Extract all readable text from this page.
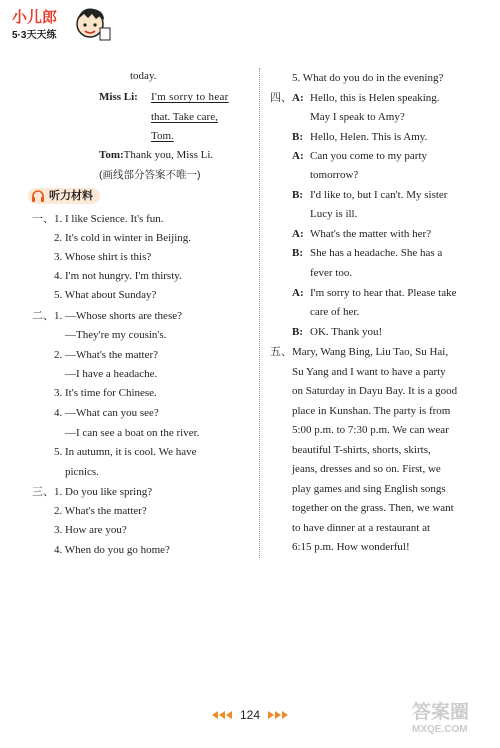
小儿郎
5·3天天练
today.
Miss Li: I'm sorry to hear
that. Take care,
Tom.
Tom:Thank you, Miss Li.
(画线部分答案不唯一)
听力材料
一、 1. I like Science. It's fun.
2. It's cold in winter in Beijing.
3. Whose shirt is this?
4. I'm not hungry. I'm thirsty.
5. What about Sunday?
二、 1. —Whose shorts are these?
—They're my cousin's.
2. —What's the matter?
—I have a headache.
3. It's time for Chinese.
4. —What can you see?
—I can see a boat on the river.
5. In autumn, it is cool. We have
picnics.
三、 1. Do you like spring?
2. What's the matter?
3. How are you?
4. When do you go home?
5. What do you do in the evening?
四、 A: Hello, this is Helen speaking.
May I speak to Amy?
B: Hello, Helen. This is Amy.
A: Can you come to my party
tomorrow?
B: I'd like to, but I can't. My sister
Lucy is ill.
A: What's the matter with her?
B: She has a headache. She has a
fever too.
A: I'm sorry to hear that. Please take
care of her.
B: OK. Thank you!
五、 Mary, Wang Bing, Liu Tao, Su Hai,
Su Yang and I want to have a party
on Saturday in Dayu Bay. It is a good
place in Kunshan. The party is from
5:00 p.m. to 7:30 p.m. We can wear
beautiful T-shirts, shorts, skirts,
jeans, dresses and so on. First, we
play games and sing English songs
together on the grass. Then, we want
to have dinner at a restaurant at
6:15 p.m. How wonderful!
124	答案圈
MXQE.COM
